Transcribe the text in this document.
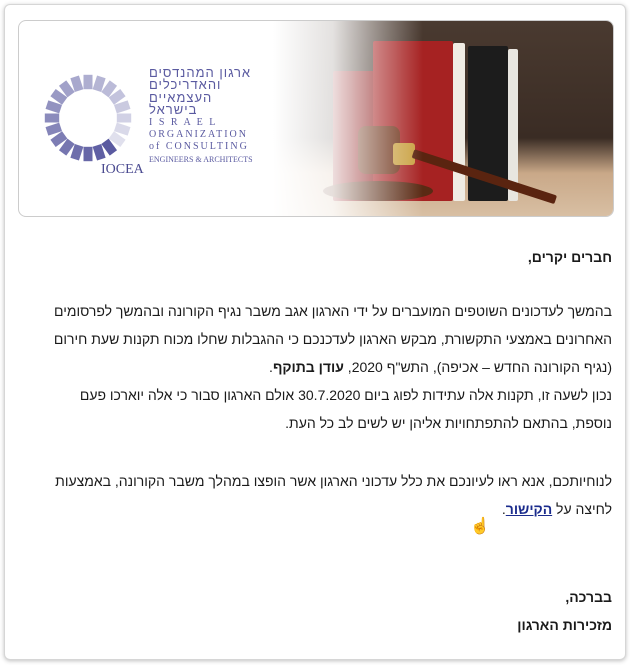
ארגון המהנדסים
והאדריכלים
העצמאיים
בישראל
I S R A E L
ORGANIZATION
of CONSULTING
ENGINEERS & ARCHITECTS
IOCEA
חברים יקרים,
בהמשך לעדכונים השוטפים המועברים על ידי הארגון אגב משבר נגיף הקורונה ובהמשך לפרסומים
האחרונים באמצעי התקשורת, מבקש הארגון לעדכנכם כי ההגבלות שחלו מכוח תקנות שעת חירום
(נגיף הקורונה החדש – אכיפה), התש"ף 2020, עודן בתוקף.
נכון לשעה זו, תקנות אלה עתידות לפוג ביום 30.7.2020 אולם הארגון סבור כי אלה יוארכו פעם
נוספת, בהתאם להתפתחויות אליהן יש לשים לב כל העת.
לנוחיותכם, אנא ראו לעיונכם את כלל עדכוני הארגון אשר הופצו במהלך משבר הקורונה, באמצעות
לחיצה על הקישור.
בברכה,
מזכירות הארגון
☝
